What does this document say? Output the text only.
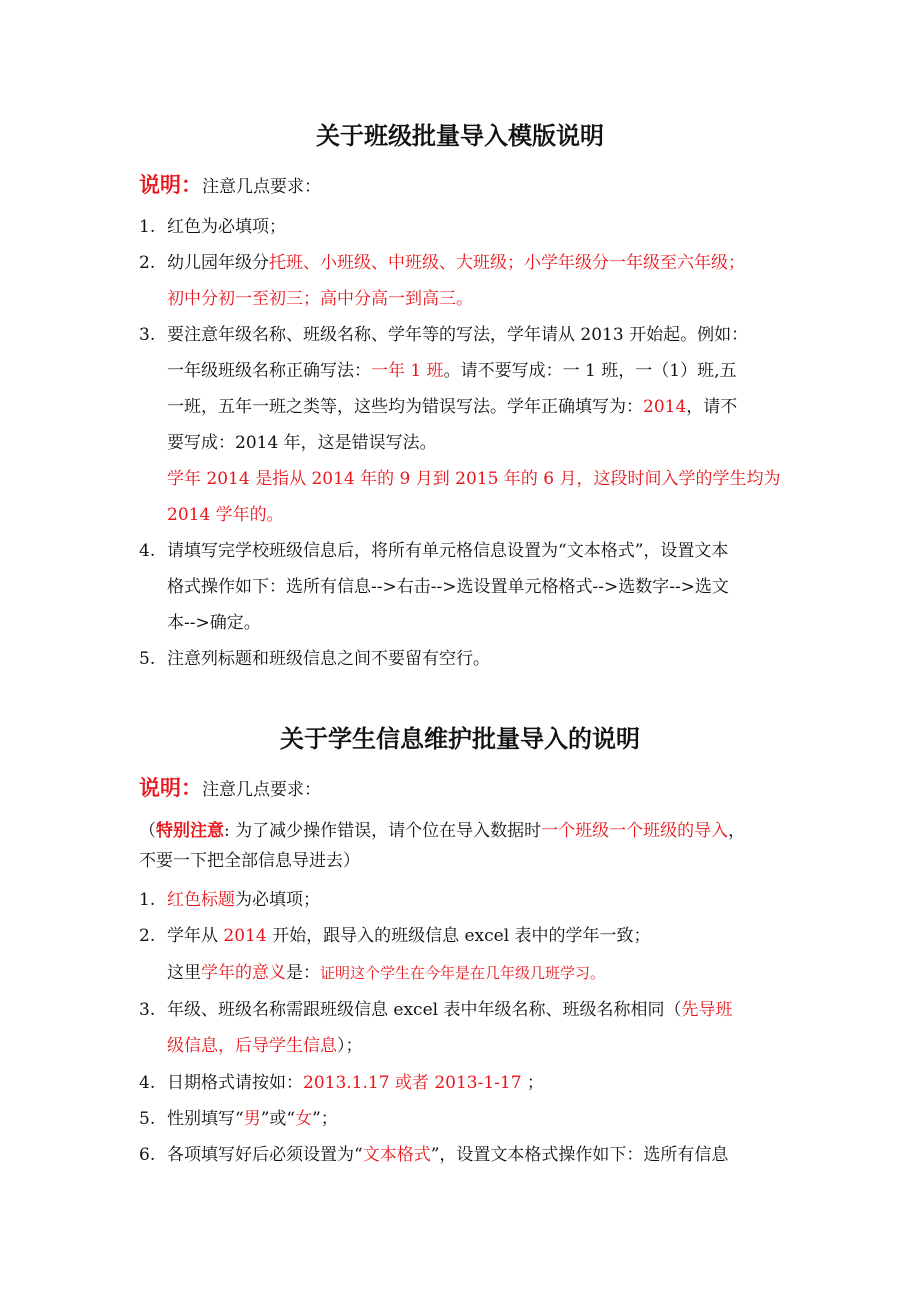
关于班级批量导入模版说明
说明：注意几点要求：
1. 红色为必填项；
2. 幼儿园年级分托班、小班级、中班级、大班级；小学年级分一年级至六年级；
初中分初一至初三；高中分高一到高三。
3. 要注意年级名称、班级名称、学年等的写法，学年请从 2013 开始起。例如：
一年级班级名称正确写法：一年 1 班。请不要写成：一 1 班，一（1）班,五
一班，五年一班之类等，这些均为错误写法。学年正确填写为：2014，请不
要写成：2014 年，这是错误写法。
学年 2014 是指从 2014 年的 9 月到 2015 年的 6 月，这段时间入学的学生均为
2014 学年的。
4. 请填写完学校班级信息后，将所有单元格信息设置为“文本格式”，设置文本
格式操作如下：选所有信息-->右击-->选设置单元格格式-->选数字-->选文
本-->确定。
5. 注意列标题和班级信息之间不要留有空行。
关于学生信息维护批量导入的说明
说明：注意几点要求：
（特别注意: 为了减少操作错误，请个位在导入数据时一个班级一个班级的导入，
不要一下把全部信息导进去）
1. 红色标题为必填项；
2. 学年从 2014 开始，跟导入的班级信息 excel 表中的学年一致；
这里学年的意义是：证明这个学生在今年是在几年级几班学习。
3. 年级、班级名称需跟班级信息 excel 表中年级名称、班级名称相同（先导班
级信息，后导学生信息）；
4. 日期格式请按如：2013.1.17 或者 2013-1-17 ；
5. 性别填写“男”或“女”；
6. 各项填写好后必须设置为“文本格式”，设置文本格式操作如下：选所有信息
